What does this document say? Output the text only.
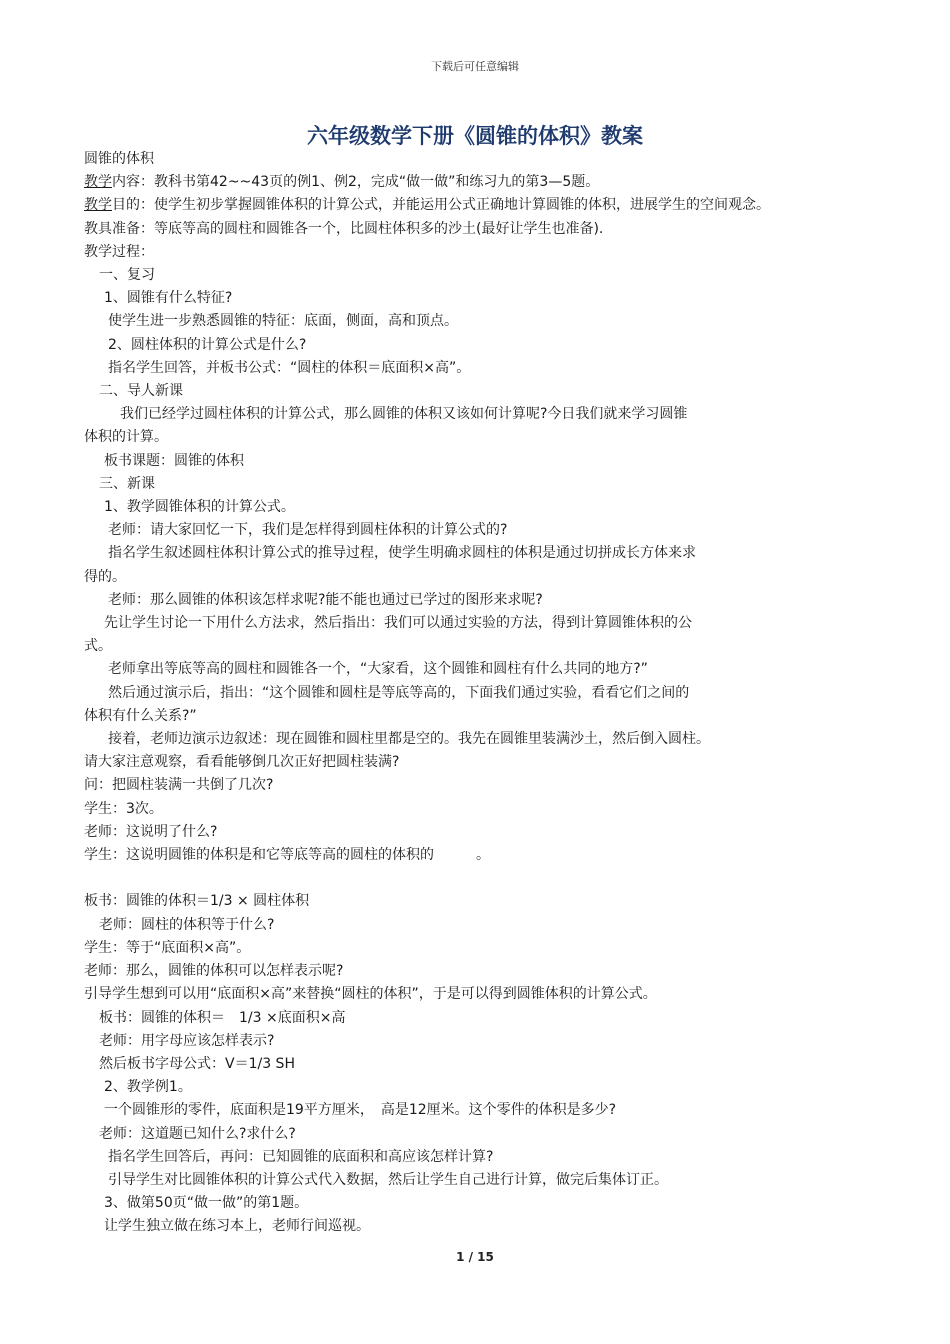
下载后可任意编辑
六年级数学下册《圆锥的体积》教案
圆锥的体积
教学内容：教科书第42~~43页的例1、例2，完成“做一做”和练习九的第3—5题。
教学目的：使学生初步掌握圆锥体积的计算公式，并能运用公式正确地计算圆锥的体积，进展学生的空间观念。
教具准备：等底等高的圆柱和圆锥各一个，比圆柱体积多的沙土(最好让学生也准备).
教学过程：
一、复习
1、圆锥有什么特征?
使学生进一步熟悉圆锥的特征：底面，侧面，高和顶点。
2、圆柱体积的计算公式是什么?
指名学生回答，并板书公式：“圆柱的体积＝底面积×高”。
二、导人新课
我们已经学过圆柱体积的计算公式，那么圆锥的体积又该如何计算呢?今日我们就来学习圆锥
体积的计算。
板书课题：圆锥的体积
三、新课
1、教学圆锥体积的计算公式。
老师：请大家回忆一下，我们是怎样得到圆柱体积的计算公式的?
指名学生叙述圆柱体积计算公式的推导过程，使学生明确求圆柱的体积是通过切拼成长方体来求
得的。
老师：那么圆锥的体积该怎样求呢?能不能也通过已学过的图形来求呢?
先让学生讨论一下用什么方法求，然后指出：我们可以通过实验的方法，得到计算圆锥体积的公
式。
老师拿出等底等高的圆柱和圆锥各一个，“大家看，这个圆锥和圆柱有什么共同的地方?”
然后通过演示后，指出：“这个圆锥和圆柱是等底等高的，下面我们通过实验，看看它们之间的
体积有什么关系?”
接着，老师边演示边叙述：现在圆锥和圆柱里都是空的。我先在圆锥里装满沙土，然后倒入圆柱。
请大家注意观察，看看能够倒几次正好把圆柱装满?
问：把圆柱装满一共倒了几次?
学生：3次。
老师：这说明了什么?
学生：这说明圆锥的体积是和它等底等高的圆柱的体积的　　　。
板书：圆锥的体积＝1/3 × 圆柱体积
老师：圆柱的体积等于什么?
学生：等于“底面积×高”。
老师：那么，圆锥的体积可以怎样表示呢?
引导学生想到可以用“底面积×高”来替换“圆柱的体积”，于是可以得到圆锥体积的计算公式。
板书：圆锥的体积＝　1/3 ×底面积×高
老师：用字母应该怎样表示?
然后板书字母公式：V＝1/3 SH
2、教学例1。
一个圆锥形的零件，底面积是19平方厘米，　高是12厘米。这个零件的体积是多少?
老师：这道题已知什么?求什么?
指名学生回答后，再问：已知圆锥的底面积和高应该怎样计算?
引导学生对比圆锥体积的计算公式代入数据，然后让学生自己进行计算，做完后集体订正。
3、做第50页“做一做”的第1题。
让学生独立做在练习本上，老师行间巡视。
1 / 15
